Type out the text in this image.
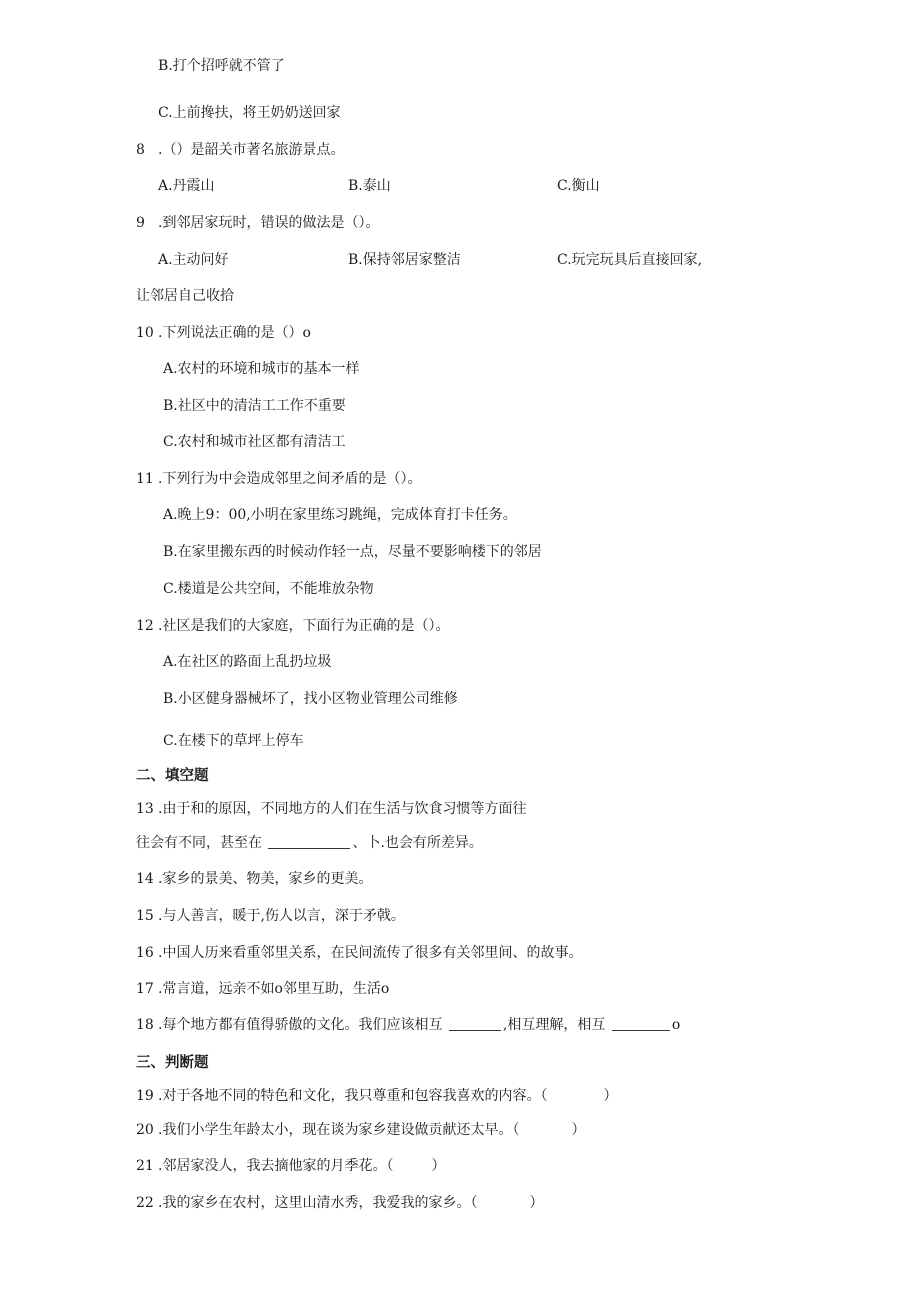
B.打个招呼就不管了
C.上前搀扶，将王奶奶送回家
8 .（）是韶关市著名旅游景点。
A.丹霞山	B.泰山	C.衡山
9 .到邻居家玩时，错误的做法是（）。
A.主动问好	B.保持邻居家整洁	C.玩完玩具后直接回家,
让邻居自己收拾
10 .下列说法正确的是（）o
A.农村的环境和城市的基本一样
B.社区中的清洁工工作不重要
C.农村和城市社区都有清洁工
11 .下列行为中会造成邻里之间矛盾的是（）。
A.晚上9：00,小明在家里练习跳绳，完成体育打卡任务。
B.在家里搬东西的时候动作轻一点，尽量不要影响楼下的邻居
C.楼道是公共空间，不能堆放杂物
12 .社区是我们的大家庭，下面行为正确的是（）。
A.在社区的路面上乱扔垃圾
B.小区健身器械坏了，找小区物业管理公司维修
C.在楼下的草坪上停车
二、填空题
13 .由于和的原因，不同地方的人们在生活与饮食习惯等方面往
往会有不同，甚至在	、卜.也会有所差异。
14 .家乡的景美、物美，家乡的更美。
15 .与人善言，暖于,伤人以言，深于矛戟。
16 .中国人历来看重邻里关系，在民间流传了很多有关邻里间、的故事。
17 .常言道，远亲不如o邻里互助，生活o
18 .每个地方都有值得骄傲的文化。我们应该相互	,相互理解，相互	o
三、判断题
19 .对于各地不同的特色和文化，我只尊重和包容我喜欢的内容。（	）
20 .我们小学生年龄太小，现在谈为家乡建设做贡献还太早。（	）
21 .邻居家没人，我去摘他家的月季花。（	）
22 .我的家乡在农村，这里山清水秀，我爱我的家乡。（	）
